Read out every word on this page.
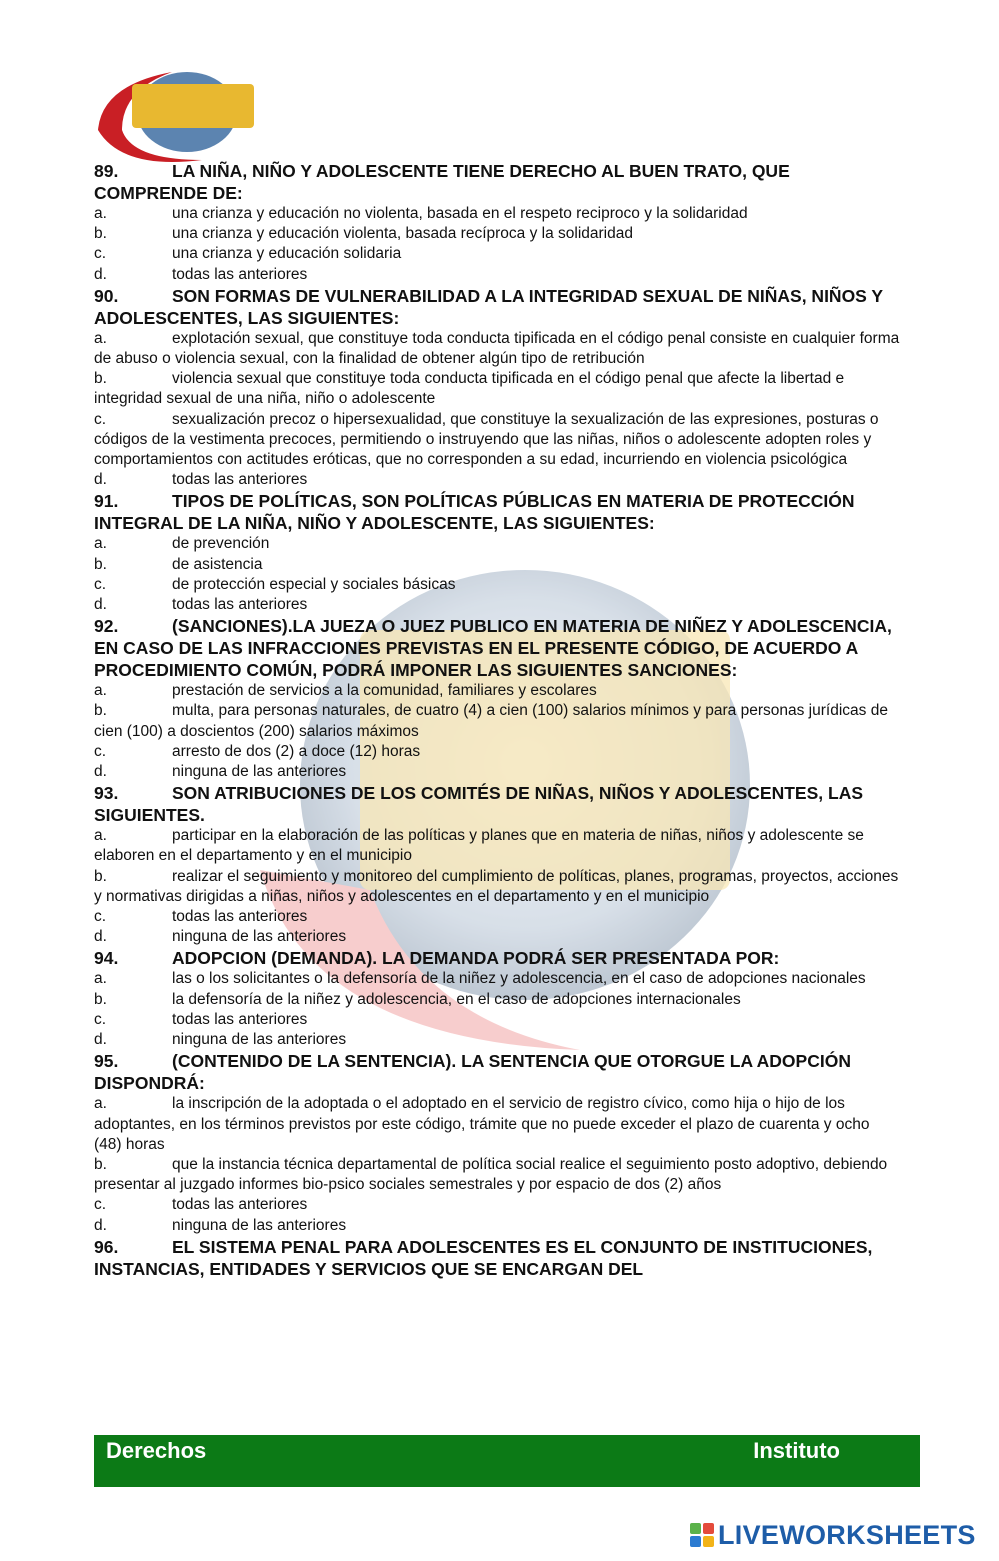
89.	LA NIÑA, NIÑO Y ADOLESCENTE TIENE DERECHO AL BUEN TRATO, QUE COMPRENDE DE:

a.	una crianza y educación no violenta, basada en el respeto reciproco y la solidaridad

b.	una crianza y educación violenta, basada recíproca y la solidaridad

c.	una crianza y educación solidaria

d.	todas las anteriores

90.	SON FORMAS DE VULNERABILIDAD A LA INTEGRIDAD SEXUAL DE NIÑAS, NIÑOS Y ADOLESCENTES, LAS SIGUIENTES:

a.	explotación sexual, que constituye toda conducta tipificada en el código penal consiste en cualquier forma de abuso o violencia sexual, con la finalidad de obtener algún tipo de retribución

b.	violencia sexual que constituye toda conducta tipificada en el código penal que afecte la libertad e integridad sexual de una niña, niño o adolescente

c.	sexualización precoz o hipersexualidad, que constituye la sexualización de las expresiones, posturas o códigos de la vestimenta precoces, permitiendo o instruyendo que las niñas, niños o adolescente adopten roles y comportamientos con actitudes eróticas, que no corresponden a su edad, incurriendo en violencia psicológica

d.	todas las anteriores

91.	TIPOS DE POLÍTICAS, SON POLÍTICAS PÚBLICAS EN MATERIA DE PROTECCIÓN INTEGRAL DE LA NIÑA, NIÑO Y ADOLESCENTE, LAS SIGUIENTES:

a.	de prevención

b.	de asistencia

c.	de protección especial y sociales básicas

d.	todas las anteriores

92.	(SANCIONES).LA JUEZA O JUEZ PUBLICO EN MATERIA DE NIÑEZ Y ADOLESCENCIA, EN CASO DE LAS INFRACCIONES PREVISTAS EN EL PRESENTE CÓDIGO, DE ACUERDO A PROCEDIMIENTO COMÚN, PODRÁ IMPONER LAS SIGUIENTES SANCIONES:

a.	prestación de servicios a la comunidad, familiares y escolares

b.	multa, para personas naturales, de cuatro (4) a cien (100) salarios mínimos y para personas jurídicas de cien (100) a doscientos (200) salarios máximos

c.	arresto de dos (2) a doce (12) horas

d.	ninguna de las anteriores

93.	SON ATRIBUCIONES DE LOS COMITÉS DE NIÑAS, NIÑOS Y ADOLESCENTES, LAS SIGUIENTES.

a.	participar en la elaboración de las políticas y planes que en materia de niñas, niños y adolescente se elaboren en el departamento y en el municipio

b.	realizar el seguimiento y monitoreo del cumplimiento de políticas, planes, programas, proyectos, acciones y normativas dirigidas a niñas, niños y adolescentes en el departamento y en el municipio

c.	todas las anteriores

d.	ninguna de las anteriores

94.	ADOPCION (DEMANDA). LA DEMANDA PODRÁ SER PRESENTADA POR:

a.	las o los solicitantes o la defensoría de la niñez y adolescencia, en el caso de adopciones nacionales

b.	la defensoría de la niñez y adolescencia, en el caso de adopciones internacionales

c.	todas las anteriores

d.	ninguna de las anteriores

95.	(CONTENIDO DE LA SENTENCIA). LA SENTENCIA QUE OTORGUE LA ADOPCIÓN DISPONDRÁ:

a.	la inscripción de la adoptada o el adoptado en el servicio de registro cívico, como hija o hijo de los adoptantes, en los términos previstos por este código, trámite que no puede exceder el plazo de cuarenta y ocho (48) horas

b.	que la instancia técnica departamental de política social realice el seguimiento posto adoptivo, debiendo presentar al juzgado informes bio-psico sociales semestrales y por espacio de dos (2) años

c.	todas las anteriores

d.	ninguna de las anteriores

96.	EL SISTEMA PENAL PARA ADOLESCENTES ES EL CONJUNTO DE INSTITUCIONES, INSTANCIAS, ENTIDADES Y SERVICIOS QUE SE ENCARGAN DEL

Derechos	Instituto
LIVEWORKSHEETS
